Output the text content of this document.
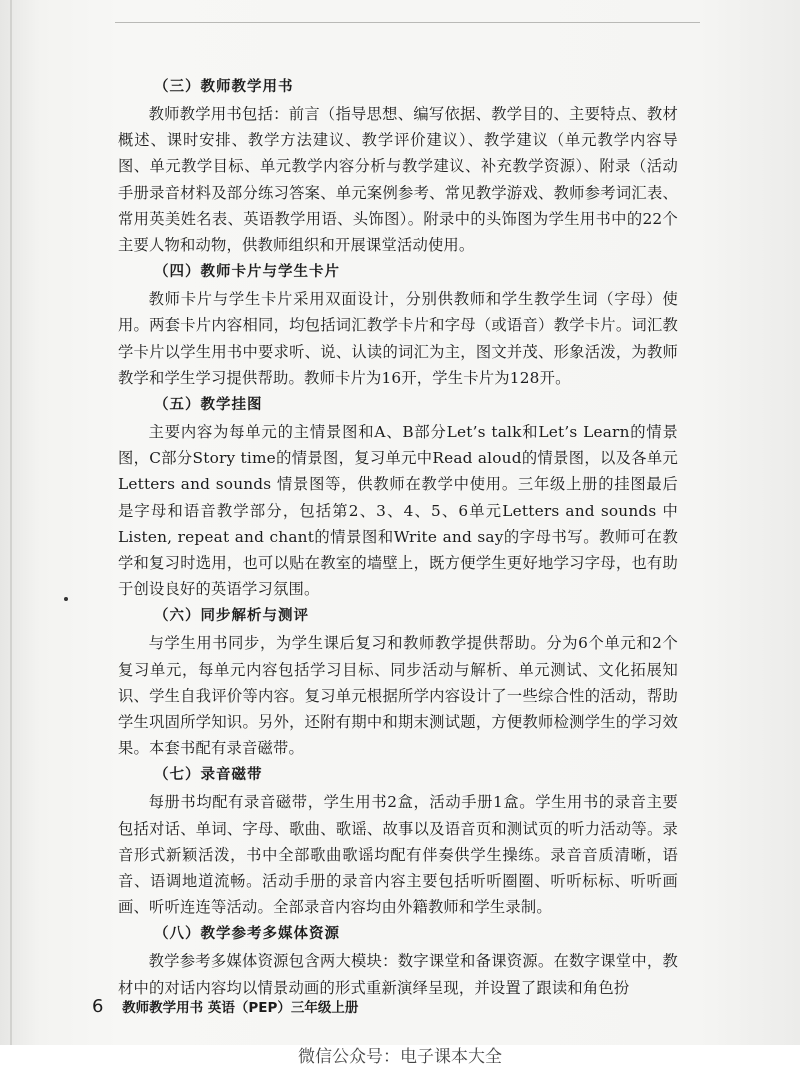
（三）教师教学用书

教师教学用书包括：前言（指导思想、编写依据、教学目的、主要特点、教材概述、课时安排、教学方法建议、教学评价建议）、教学建议（单元教学内容导图、单元教学目标、单元教学内容分析与教学建议、补充教学资源）、附录（活动手册录音材料及部分练习答案、单元案例参考、常见教学游戏、教师参考词汇表、常用英美姓名表、英语教学用语、头饰图）。附录中的头饰图为学生用书中的22个主要人物和动物，供教师组织和开展课堂活动使用。

（四）教师卡片与学生卡片

教师卡片与学生卡片采用双面设计，分别供教师和学生教学生词（字母）使用。两套卡片内容相同，均包括词汇教学卡片和字母（或语音）教学卡片。词汇教学卡片以学生用书中要求听、说、认读的词汇为主，图文并茂、形象活泼，为教师教学和学生学习提供帮助。教师卡片为16开，学生卡片为128开。

（五）教学挂图

主要内容为每单元的主情景图和A、B部分Let’s talk和Let’s Learn的情景图，C部分Story time的情景图，复习单元中Read aloud的情景图，以及各单元Letters and sounds 情景图等，供教师在教学中使用。三年级上册的挂图最后是字母和语音教学部分，包括第2、3、4、5、6单元Letters and sounds 中Listen, repeat and chant的情景图和Write and say的字母书写。教师可在教学和复习时选用，也可以贴在教室的墙壁上，既方便学生更好地学习字母，也有助于创设良好的英语学习氛围。

（六）同步解析与测评

与学生用书同步，为学生课后复习和教师教学提供帮助。分为6个单元和2个复习单元，每单元内容包括学习目标、同步活动与解析、单元测试、文化拓展知识、学生自我评价等内容。复习单元根据所学内容设计了一些综合性的活动，帮助学生巩固所学知识。另外，还附有期中和期末测试题，方便教师检测学生的学习效果。本套书配有录音磁带。

（七）录音磁带

每册书均配有录音磁带，学生用书2盒，活动手册1盒。学生用书的录音主要包括对话、单词、字母、歌曲、歌谣、故事以及语音页和测试页的听力活动等。录音形式新颖活泼，书中全部歌曲歌谣均配有伴奏供学生操练。录音音质清晰，语音、语调地道流畅。活动手册的录音内容主要包括听听圈圈、听听标标、听听画画、听听连连等活动。全部录音内容均由外籍教师和学生录制。

（八）教学参考多媒体资源

教学参考多媒体资源包含两大模块：数字课堂和备课资源。在数字课堂中，教材中的对话内容均以情景动画的形式重新演绎呈现，并设置了跟读和角色扮

6 教师教学用书 英语（PEP）三年级上册
微信公众号：电子课本大全
